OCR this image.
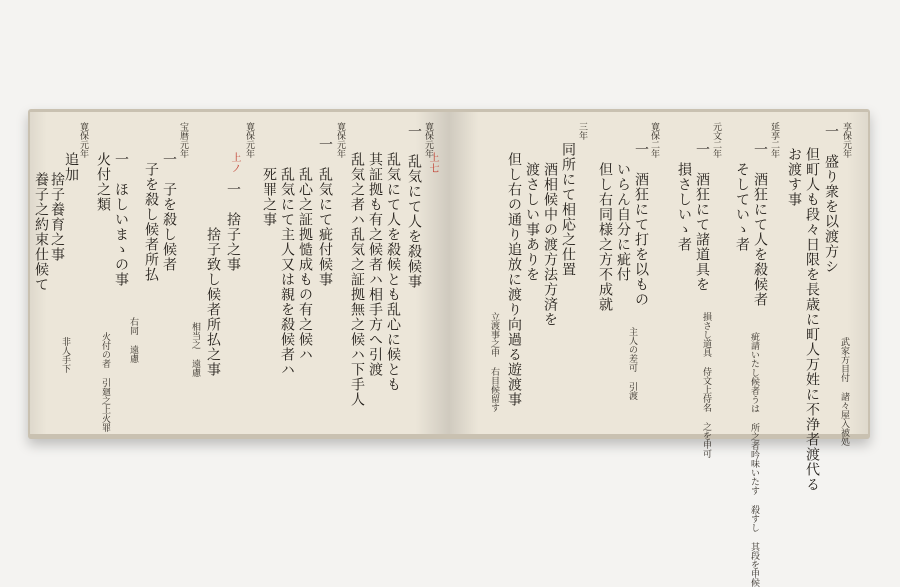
寛保元年
一　乱気にて人を殺候事 上七
乱気にて人を殺候とも乱心に候とも
其証拠も有之候者ハ相手方へ引渡
乱気之者ハ乱気之証拠無之候ハ下手人
寛保元年
一　乱気にて疵付候事
乱心之証拠慥成もの有之候ハ
乱気にて主人又は親を殺候者ハ
死罪之事
寛保元年
上ノ
一　捨子之事
捨子致し候者所払之事
相当之 遠慮
宝暦元年
一　子を殺し候者
子を殺し候者所払
右同 遠慮
一　ほしいまゝの事
火付之類
火付の者 引廻之上火罪
寛保元年
追加
捨子養育之事
養子之約束仕候て
非人手下
享保元年
一　盛り衆を以渡方シ
但町人も段々日限を長歳に町人万姓に不浄者渡代る
お渡す事
武家方目付 諸々屋入被処
延享二年
一　酒狂にて人を殺候者
そしていゝ者
疵請いたし候者うは 所之者吟味いたす 殺すし 其段を申候
元文二年
一　酒狂にて諸道具を
損さしいゝ者
損さし道具 侍文上侍名 之を申可
寛保二年
一　酒狂にて打を以もの
いらん自分に疵付
但し右同様之方不成就
主人の差可 引渡
三年
同所にて相応之仕置
酒相候中の渡方法方済を
渡さしい事ありを
但し右の通り追放に渡り向過る遊渡事
立渡事之申 右目候留す
